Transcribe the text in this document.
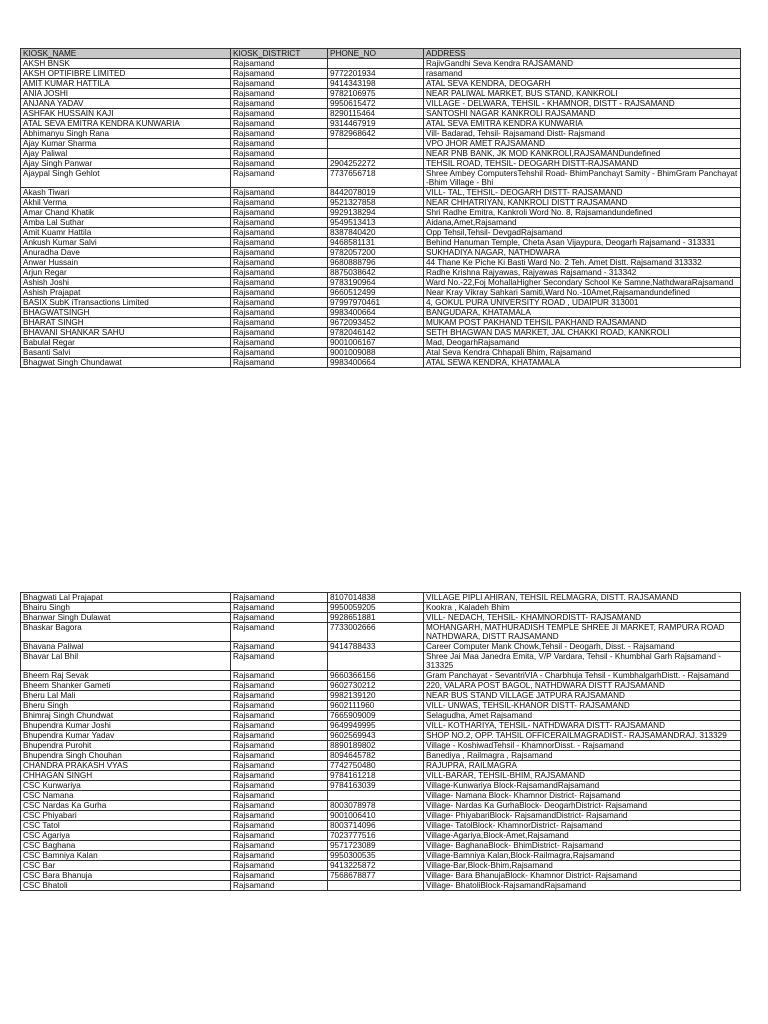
KIOSK_NAME	KIOSK_DISTRICT	PHONE_NO	ADDRESS
AKSH BNSK	Rajsamand		RajivGandhi Seva Kendra RAJSAMAND
AKSH OPTIFIBRE LIMITED	Rajsamand	9772201934	rasamand
AMIT KUMAR HATTILA	Rajsamand	9414343198	ATAL SEVA KENDRA, DEOGARH
ANIA JOSHI	Rajsamand	9782106975	NEAR PALIWAL MARKET, BUS STAND, KANKROLI
ANJANA YADAV	Rajsamand	9950615472	VILLAGE - DELWARA, TEHSIL - KHAMNOR, DISTT - RAJSAMAND
ASHFAK HUSSAIN KAJI	Rajsamand	8290115464	SANTOSHI NAGAR KANKROLI RAJSAMAND
ATAL SEVA EMITRA KENDRA KUNWARIA	Rajsamand	9314467919	ATAL SEVA EMITRA KENDRA KUNWARIA
Abhimanyu Singh Rana	Rajsamand	9782968642	Vill- Badarad, Tehsil- Rajsamand Distt- Rajsmand
Ajay Kumar Sharma	Rajsamand		VPO JHOR AMET RAJSAMAND
Ajay Paliwal	Rajsamand		NEAR PNB BANK, JK MOD KANKROLI,RAJSAMANDundefined
Ajay Singh Panwar	Rajsamand	2904252272	TEHSIL ROAD, TEHSIL- DEOGARH DISTT-RAJSAMAND
Ajaypal Singh Gehlot	Rajsamand	7737656718	Shree Ambey ComputersTehshil Road- BhimPanchayt Samity - BhimGram Panchayat -Bhim Village - Bhi
Akash Tiwari	Rajsamand	8442078019	VILL- TAL, TEHSIL- DEOGARH DISTT- RAJSAMAND
Akhil Verma	Rajsamand	9521327858	NEAR CHHATRIYAN, KANKROLI DISTT RAJSAMAND
Amar Chand Khatik	Rajsamand	9929138294	Shri Radhe Emitra, Kankroli Word No. 8, Rajsamandundefined
Amba Lal Suthar	Rajsamand	9549513413	Aidana,Amet,Rajsamand
Amit Kuamr Hattila	Rajsamand	8387840420	Opp Tehsil,Tehsil- DevgadRajsamand
Ankush Kumar Salvi	Rajsamand	9468581131	Behind Hanuman Temple, Cheta Asan Vijaypura, Deogarh Rajsamand - 313331
Anuradha Dave	Rajsamand	9782057200	SUKHADIYA NAGAR, NATHDWARA
Anwar Hussain	Rajsamand	9680888796	44 Thane Ke Piche Ki Basti Ward No. 2 Teh. Amet Distt. Rajsamand 313332
Arjun Regar	Rajsamand	8875038642	Radhe Krishna Rajyawas, Rajyawas Rajsamand - 313342
Ashish Joshi	Rajsamand	9783190964	Ward No.-22,Foj MohallaHigher Secondary School Ke Samne,NathdwaraRajsamand
Ashish Prajapat	Rajsamand	9660512499	Near Kray Vikray Sahkari Samiti,Ward No.-10Amet,Rajsamandundefined
BASIX SubK iTransactions Limited	Rajsamand	97997970461	4, GOKUL PURA UNIVERSITY ROAD , UDAIPUR 313001
BHAGWATSINGH	Rajsamand	9983400664	BANGUDARA, KHATAMALA
BHARAT SINGH	Rajsamand	9672093452	MUKAM POST PAKHAND TEHSIL PAKHAND RAJSAMAND
BHAVANI SHANKAR SAHU	Rajsamand	9782046142	SETH BHAGWAN DAS MARKET, JAL CHAKKI ROAD, KANKROLI
Babulal Regar	Rajsamand	9001006167	Mad, DeogarhRajsamand
Basanti Salvi	Rajsamand	9001009088	Atal Seva Kendra Chhapali Bhim, Rajsamand
Bhagwat Singh Chundawat	Rajsamand	9983400664	ATAL SEWA KENDRA, KHATAMALA
Bhagwati Lal Prajapat	Rajsamand	8107014838	VILLAGE PIPLI AHIRAN, TEHSIL RELMAGRA, DISTT. RAJSAMAND
Bhairu Singh	Rajsamand	9950059205	Kookra , Kaladeh Bhim
Bhanwar Singh Dulawat	Rajsamand	9928651881	VILL- NEDACH, TEHSIL- KHAMNORDISTT- RAJSAMAND
Bhaskar Bagora	Rajsamand	7733002666	MOHANGARH, MATHURADISH TEMPLE SHREE JI MARKET, RAMPURA ROAD NATHDWARA, DISTT RAJSAMAND
Bhavana Paliwal	Rajsamand	9414788433	Career Computer Mank Chowk,Tehsil - Deogarh, Disst. - Rajsamand
Bhavar Lal Bhil	Rajsamand		Shree Jai Maa Janedra Emita, V/P Vardara, Tehsil - Khumbhal Garh Rajsamand - 313325
Bheem Raj Sevak	Rajsamand	9660366156	Gram Panchayat - SevantriVIA - Charbhuja Tehsil - KumbhalgarhDistt. - Rajsamand
Bheem Shanker Gameti	Rajsamand	9602730212	220, VALARA POST BAGOL, NATHDWARA DISTT RAJSAMAND
Bheru Lal Mali	Rajsamand	9982139120	NEAR BUS STAND VILLAGE JATPURA RAJSAMAND
Bheru Singh	Rajsamand	9602111960	VILL- UNWAS, TEHSIL-KHANOR DISTT- RAJSAMAND
Bhimraj Singh Chundwat	Rajsamand	7665909009	Selagudha, Amet Rajsamand
Bhupendra Kumar Joshi	Rajsamand	9649949995	VILL- KOTHARIYA, TEHSIL- NATHDWARA DISTT- RAJSAMAND
Bhupendra Kumar Yadav	Rajsamand	9602569943	SHOP NO.2, OPP. TAHSIL OFFICERAILMAGRADIST.- RAJSAMANDRAJ. 313329
Bhupendra Purohit	Rajsamand	8890189802	Village - KoshiwadTehsil - KhamnorDisst. - Rajsamand
Bhupendra Singh Chouhan	Rajsamand	8094645782	Banediya , Railmagra , Rajsamand
CHANDRA PRAKASH VYAS	Rajsamand	7742750480	RAJUPRA, RAILMAGRA
CHHAGAN SINGH	Rajsamand	9784161218	VILL-BARAR, TEHSIL-BHIM, RAJSAMAND
CSC Kunwariya	Rajsamand	9784163039	Village-Kunwariya Block-RajsamandRajsamand
CSC Namana	Rajsamand		Village- Namana Block- Khamnor District- Rajsamand
CSC Nardas Ka Gurha	Rajsamand	8003078978	Village- Nardas Ka GurhaBlock- DeogarhDistrict- Rajsamand
CSC Phiyabari	Rajsamand	9001006410	Village- PhiyabariBlock- RajsamandDistrict- Rajsamand
CSC Tatol	Rajsamand	8003714096	Village- TatolBlock- KhamnorDistrict- Rajsamand
CSC Agariya	Rajsamand	7023777516	Village-Agariya,Block-Amet,Rajsamand
CSC Baghana	Rajsamand	9571723089	Village- BaghanaBlock- BhimDistrict- Rajsamand
CSC Bamniya Kalan	Rajsamand	9950300535	Village-Bamniya Kalan,Block-Railmagra,Rajsamand
CSC Bar	Rajsamand	9413225872	Village-Bar,Block-Bhim,Rajsamand
CSC Bara Bhanuja	Rajsamand	7568678877	Village- Bara BhanujaBlock- Khamnor District- Rajsamand
CSC Bhatoli	Rajsamand		Village- BhatoliBlock-RajsamandRajsamand
